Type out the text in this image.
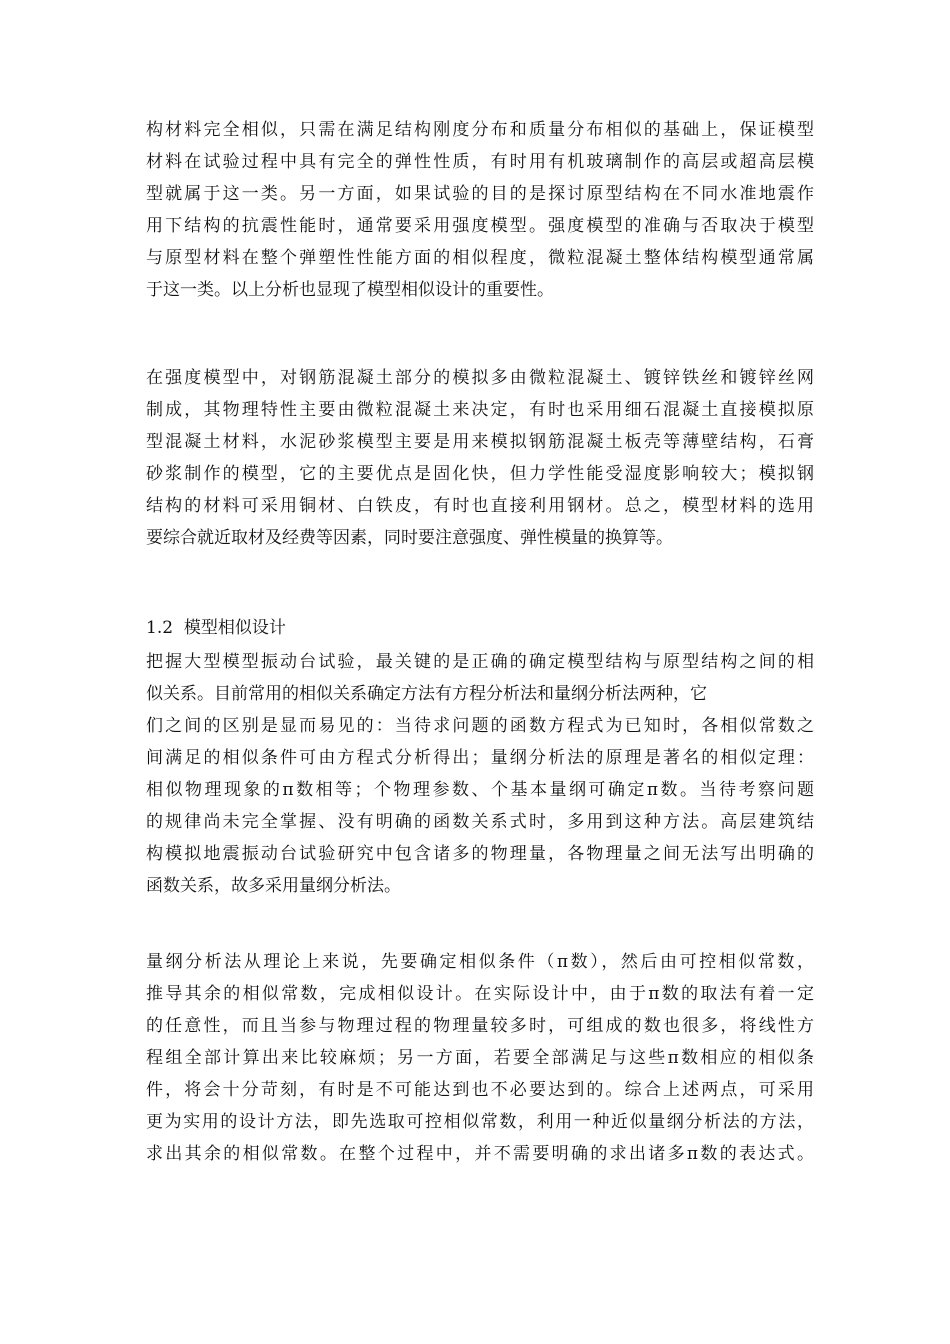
构材料完全相似，只需在满足结构刚度分布和质量分布相似的基础上，保证模型
材料在试验过程中具有完全的弹性性质，有时用有机玻璃制作的高层或超高层模
型就属于这一类。另一方面，如果试验的目的是探讨原型结构在不同水准地震作
用下结构的抗震性能时，通常要采用强度模型。强度模型的准确与否取决于模型
与原型材料在整个弹塑性性能方面的相似程度，微粒混凝土整体结构模型通常属
于这一类。以上分析也显现了模型相似设计的重要性。
在强度模型中，对钢筋混凝土部分的模拟多由微粒混凝土、镀锌铁丝和镀锌丝网
制成，其物理特性主要由微粒混凝土来决定，有时也采用细石混凝土直接模拟原
型混凝土材料，水泥砂浆模型主要是用来模拟钢筋混凝土板壳等薄壁结构，石膏
砂浆制作的模型，它的主要优点是固化快，但力学性能受湿度影响较大；模拟钢
结构的材料可采用铜材、白铁皮，有时也直接利用钢材。总之，模型材料的选用
要综合就近取材及经费等因素，同时要注意强度、弹性模量的换算等。
1.2 模型相似设计
把握大型模型振动台试验，最关键的是正确的确定模型结构与原型结构之间的相
似关系。目前常用的相似关系确定方法有方程分析法和量纲分析法两种，它
们之间的区别是显而易见的：当待求问题的函数方程式为已知时，各相似常数之
间满足的相似条件可由方程式分析得出；量纲分析法的原理是著名的相似定理：
相似物理现象的π数相等；个物理参数、个基本量纲可确定π数。当待考察问题
的规律尚未完全掌握、没有明确的函数关系式时，多用到这种方法。高层建筑结
构模拟地震振动台试验研究中包含诸多的物理量，各物理量之间无法写出明确的
函数关系，故多采用量纲分析法。
量纲分析法从理论上来说，先要确定相似条件（π数），然后由可控相似常数，
推导其余的相似常数，完成相似设计。在实际设计中，由于π数的取法有着一定
的任意性，而且当参与物理过程的物理量较多时，可组成的数也很多，将线性方
程组全部计算出来比较麻烦；另一方面，若要全部满足与这些π数相应的相似条
件，将会十分苛刻，有时是不可能达到也不必要达到的。综合上述两点，可采用
更为实用的设计方法，即先选取可控相似常数，利用一种近似量纲分析法的方法，
求出其余的相似常数。在整个过程中，并不需要明确的求出诸多π数的表达式。
